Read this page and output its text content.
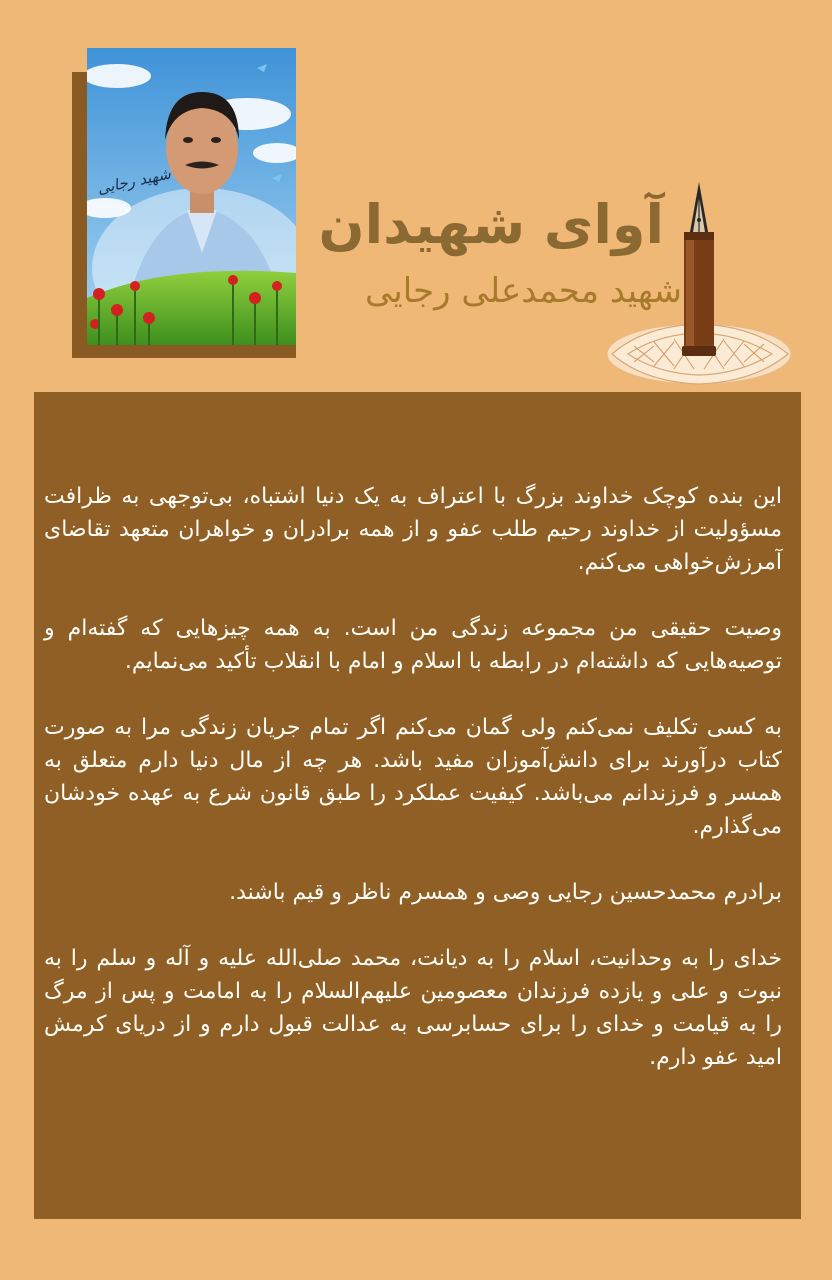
شهید رجایی
آوای شهیدان
شهید محمدعلی رجایی

این بنده کوچک خداوند بزرگ با اعتراف به یک دنیا اشتباه، بی‌توجهی به ظرافت مسؤولیت از خداوند رحیم طلب عفو و از همه برادران و خواهران متعهد تقاضای آمرزش‌خواهی می‌کنم.

وصیت حقیقی من مجموعه زندگی من است. به همه چیزهایی که گفته‌ام و توصیه‌هایی که داشته‌ام در رابطه با اسلام و امام با انقلاب تأکید می‌نمایم.

به کسی تکلیف نمی‌کنم ولی گمان می‌کنم اگر تمام جریان زندگی مرا به صورت کتاب درآورند برای دانش‌آموزان مفید باشد. هر چه از مال دنیا دارم متعلق به همسر و فرزندانم می‌باشد. کیفیت عملکرد را طبق قانون شرع به عهده خودشان می‌گذارم.

برادرم محمدحسین رجایی وصی و همسرم ناظر و قیم باشند.

خدای را به وحدانیت، اسلام را به دیانت، محمد صلی‌الله علیه و آله و سلم را به نبوت و علی و یازده فرزندان معصومین علیهم‌السلام را به امامت و پس از مرگ را به قیامت و خدای را برای حسابرسی به عدالت قبول دارم و از دریای کرمش امید عفو دارم.
